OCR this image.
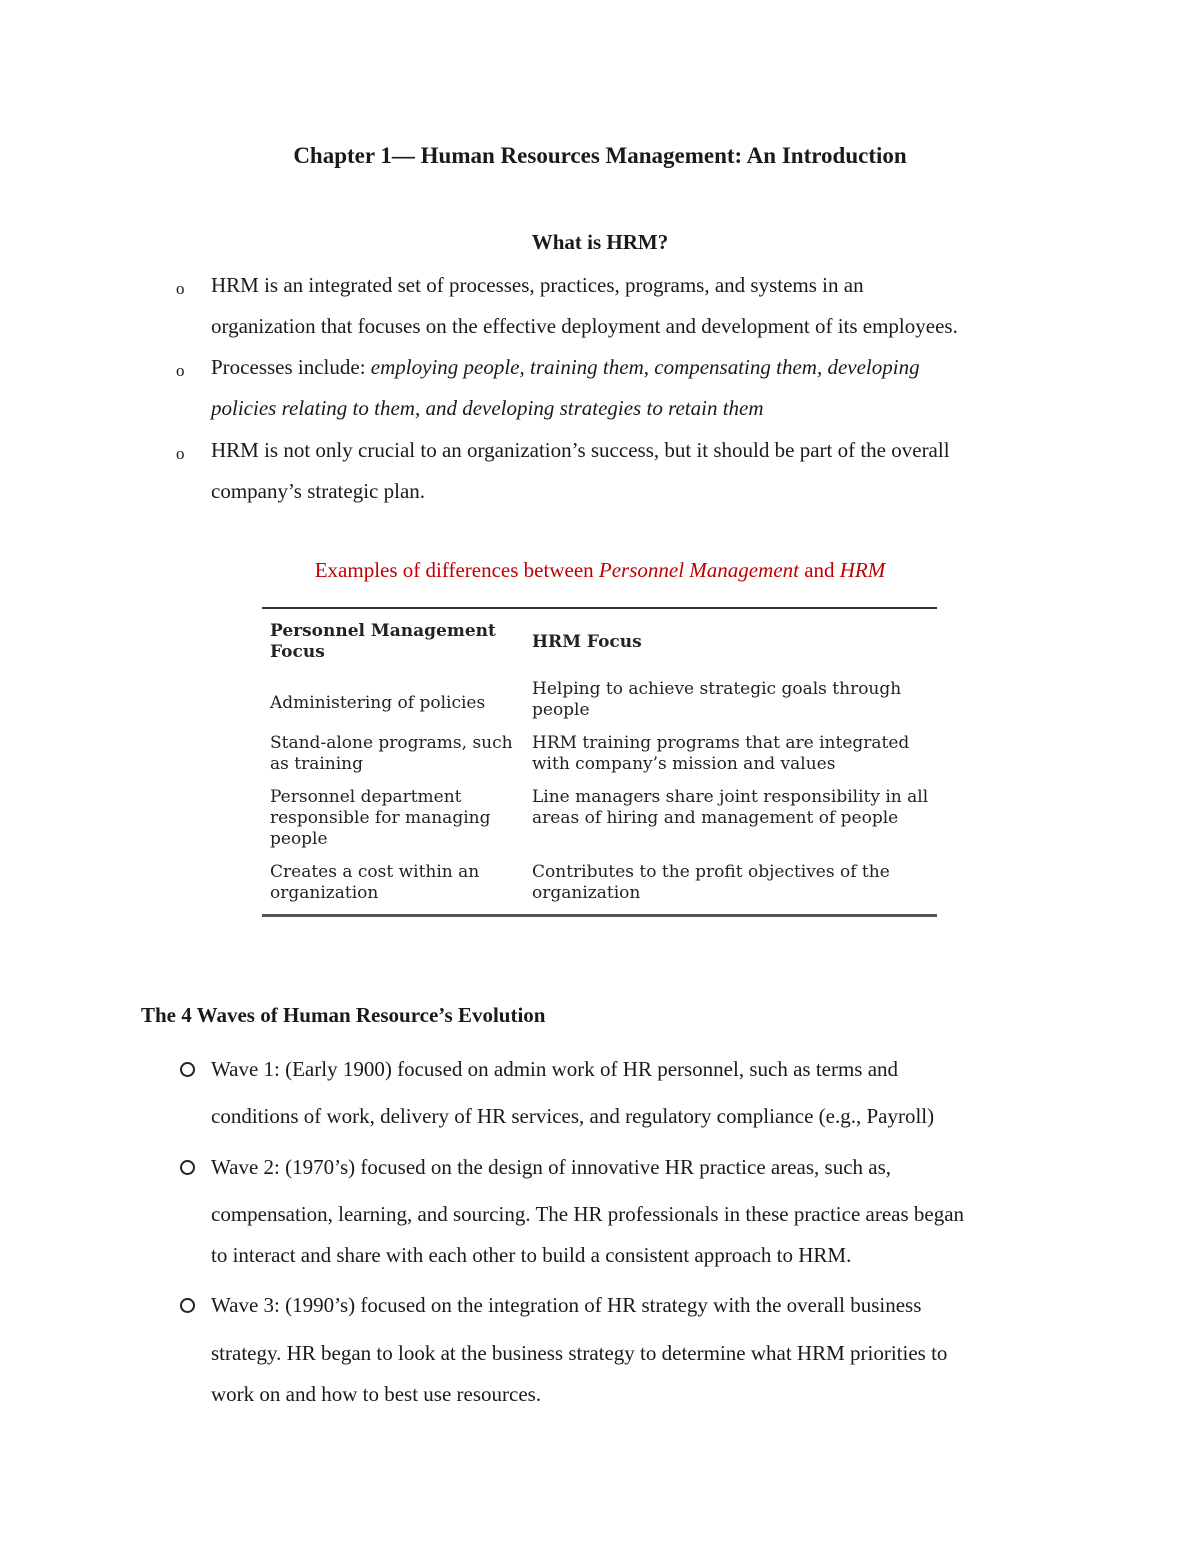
Chapter 1— Human Resources Management: An Introduction
What is HRM?
o HRM is an integrated set of processes, practices, programs, and systems in an
organization that focuses on the effective deployment and development of its employees.
o Processes include: employing people, training them, compensating them, developing
policies relating to them, and developing strategies to retain them
o HRM is not only crucial to an organization’s success, but it should be part of the overall
company’s strategic plan.
Examples of differences between Personnel Management and HRM
Personnel Management Focus	HRM Focus
Administering of policies	Helping to achieve strategic goals through people
Stand-alone programs, such as training	HRM training programs that are integrated with company’s mission and values
Personnel department responsible for managing people	Line managers share joint responsibility in all areas of hiring and management of people
Creates a cost within an organization	Contributes to the profit objectives of the organization
The 4 Waves of Human Resource’s Evolution
Wave 1: (Early 1900) focused on admin work of HR personnel, such as terms and
conditions of work, delivery of HR services, and regulatory compliance (e.g., Payroll)
Wave 2: (1970’s) focused on the design of innovative HR practice areas, such as,
compensation, learning, and sourcing. The HR professionals in these practice areas began
to interact and share with each other to build a consistent approach to HRM.
Wave 3: (1990’s) focused on the integration of HR strategy with the overall business
strategy. HR began to look at the business strategy to determine what HRM priorities to
work on and how to best use resources.
